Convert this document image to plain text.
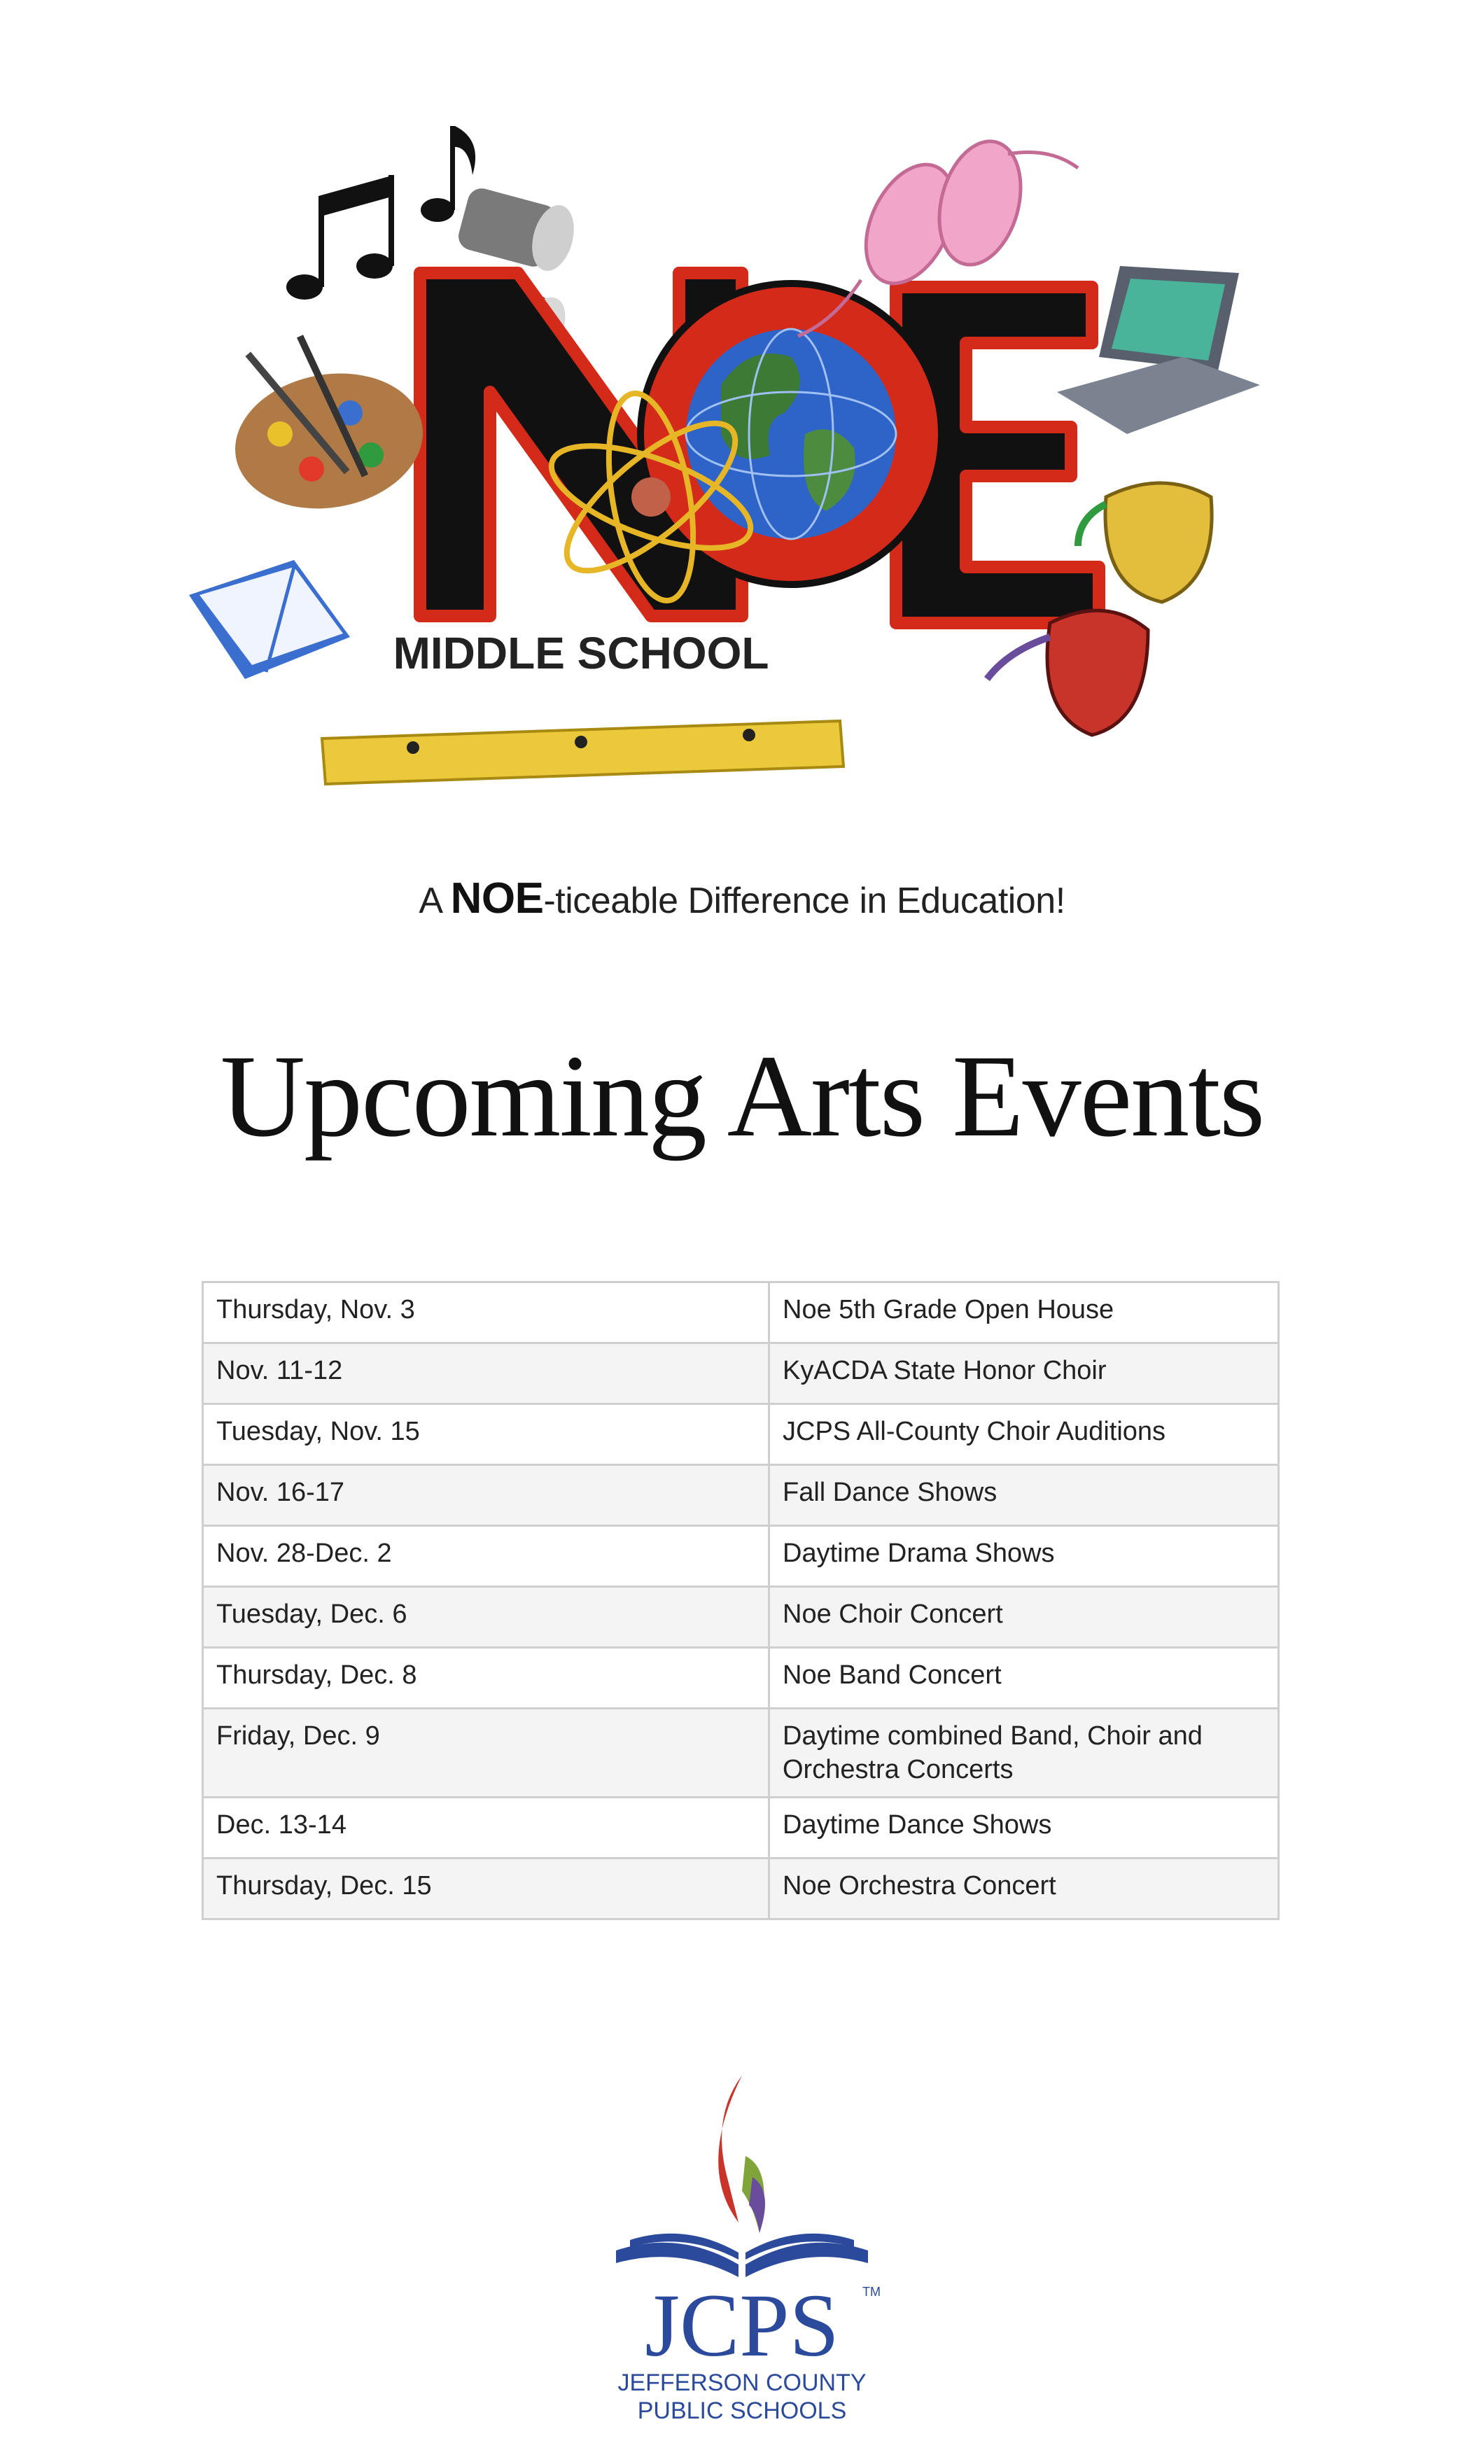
MIDDLE SCHOOL
A NOE-ticeable Difference in Education!
Upcoming Arts Events
Thursday, Nov. 3	Noe 5th Grade Open House
Nov. 11-12	KyACDA State Honor Choir
Tuesday, Nov. 15	JCPS All-County Choir Auditions
Nov. 16-17	Fall Dance Shows
Nov. 28-Dec. 2	Daytime Drama Shows
Tuesday, Dec. 6	Noe Choir Concert
Thursday, Dec. 8	Noe Band Concert
Friday, Dec. 9	Daytime combined Band, Choir and Orchestra Concerts
Dec. 13-14	Daytime Dance Shows
Thursday, Dec. 15	Noe Orchestra Concert
JCPS TM
JEFFERSON COUNTY
PUBLIC SCHOOLS
